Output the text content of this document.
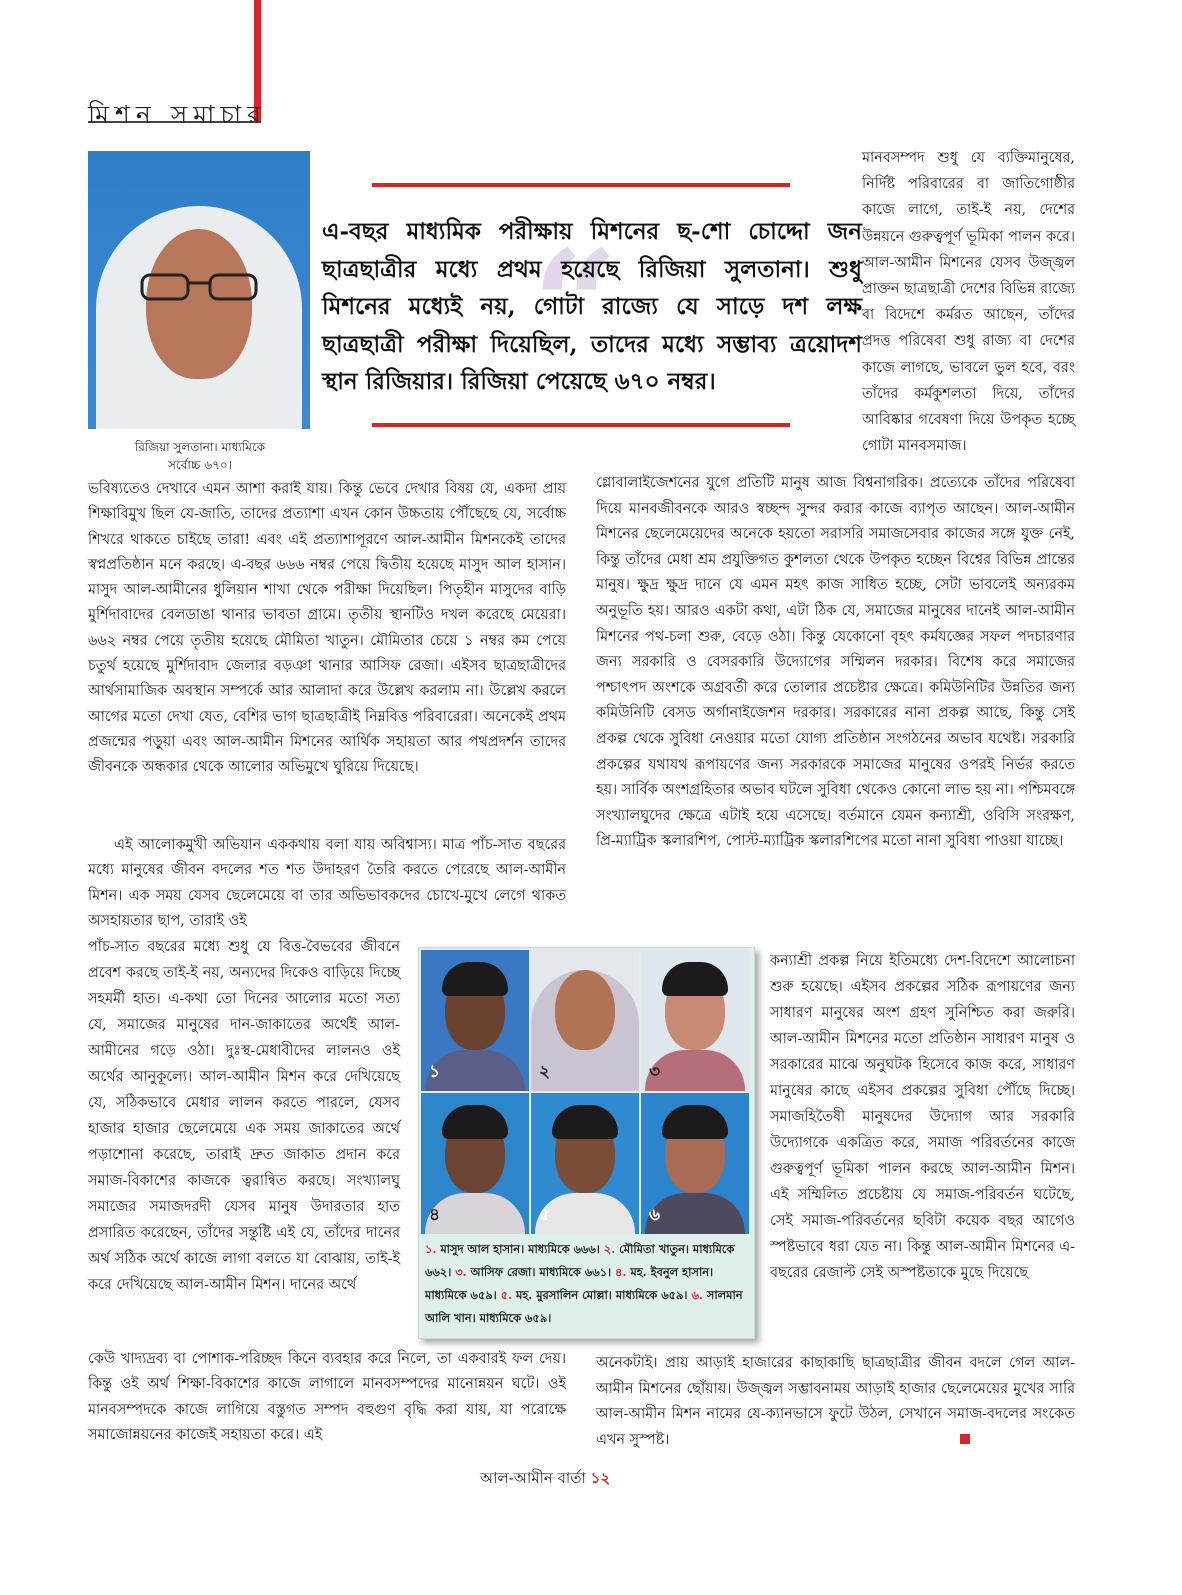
মিশন সমাচার
রিজিয়া সুলতানা। মাধ্যমিকে
সর্বোচ্চ ৬৭০।
“
এ-বছর মাধ্যমিক পরীক্ষায় মিশনের ছ-শো চোদ্দো জন ছাত্রছাত্রীর মধ্যে প্রথম হয়েছে রিজিয়া সুলতানা। শুধু মিশনের মধ্যেই নয়, গোটা রাজ্যে যে সাড়ে দশ লক্ষ ছাত্রছাত্রী পরীক্ষা দিয়েছিল, তাদের মধ্যে সম্ভাব্য ত্রয়োদশ স্থান রিজিয়ার। রিজিয়া পেয়েছে ৬৭০ নম্বর।
মানবসম্পদ শুধু যে ব্যক্তিমানুষের, নির্দিষ্ট পরিবারের বা জাতিগোষ্ঠীর কাজে লাগে, তাই-ই নয়, দেশের উন্নয়নে গুরুত্বপূর্ণ ভূমিকা পালন করে। আল-আমীন মিশনের যেসব উজ্জ্বল প্রাক্তন ছাত্রছাত্রী দেশের বিভিন্ন রাজ্যে বা বিদেশে কর্মরত আছেন, তাঁদের প্রদত্ত পরিষেবা শুধু রাজ্য বা দেশের কাজে লাগছে, ভাবলে ভুল হবে, বরং তাঁদের কর্মকুশলতা দিয়ে, তাঁদের আবিষ্কার গবেষণা দিয়ে উপকৃত হচ্ছে গোটা মানবসমাজ।
ভবিষ্যতেও দেখাবে এমন আশা করাই যায়। কিন্তু ভেবে দেখার বিষয় যে, একদা প্রায় শিক্ষাবিমুখ ছিল যে-জাতি, তাদের প্রত্যাশা এখন কোন উচ্চতায় পৌঁছেছে যে, সর্বোচ্চ শিখরে থাকতে চাইছে তারা! এবং এই প্রত্যাশাপূরণে আল-আমীন মিশনকেই তাদের স্বপ্নপ্রতিষ্ঠান মনে করছে। এ-বছর ৬৬৬ নম্বর পেয়ে দ্বিতীয় হয়েছে মাসুদ আল হাসান। মাসুদ আল-আমীনের ধুলিয়ান শাখা থেকে পরীক্ষা দিয়েছিল। পিতৃহীন মাসুদের বাড়ি মুর্শিদাবাদের বেলডাঙা থানার ভাবতা গ্রামে। তৃতীয় স্থানটিও দখল করেছে মেয়েরা। ৬৬২ নম্বর পেয়ে তৃতীয় হয়েছে মৌমিতা খাতুন। মৌমিতার চেয়ে ১ নম্বর কম পেয়ে চতুর্থ হয়েছে মুর্শিদাবাদ জেলার বড়ঞা থানার আসিফ রেজা। এইসব ছাত্রছাত্রীদের আর্থসামাজিক অবস্থান সম্পর্কে আর আলাদা করে উল্লেখ করলাম না। উল্লেখ করলে আগের মতো দেখা যেত, বেশির ভাগ ছাত্রছাত্রীই নিম্নবিত্ত পরিবারেরা। অনেকেই প্রথম প্রজন্মের পড়ুয়া এবং আল-আমীন মিশনের আর্থিক সহায়তা আর পথপ্রদর্শন তাদের জীবনকে অন্ধকার থেকে আলোর অভিমুখে ঘুরিয়ে দিয়েছে।
এই আলোকমুখী অভিযান এককথায় বলা যায় অবিশ্বাস্য। মাত্র পাঁচ-সাত বছরের মধ্যে মানুষের জীবন বদলের শত শত উদাহরণ তৈরি করতে পেরেছে আল-আমীন মিশন। এক সময় যেসব ছেলেমেয়ে বা তার অভিভাবকদের চোখে-মুখে লেগে থাকত অসহায়তার ছাপ, তারাই ওই
পাঁচ-সাত বছরের মধ্যে শুধু যে বিত্ত-বৈভবের জীবনে প্রবেশ করছে তাই-ই নয়, অন্যদের দিকেও বাড়িয়ে দিচ্ছে সহমর্মী হাত। এ-কথা তো দিনের আলোর মতো সত্য যে, সমাজের মানুষের দান-জাকাতের অর্থেই আল-আমীনের গড়ে ওঠা। দুঃস্থ-মেধাবীদের লালনও ওই অর্থের আনুকূল্যে। আল-আমীন মিশন করে দেখিয়েছে যে, সঠিকভাবে মেধার লালন করতে পারলে, যেসব হাজার হাজার ছেলেমেয়ে এক সময় জাকাতের অর্থে পড়াশোনা করেছে, তারাই দ্রুত জাকাত প্রদান করে সমাজ-বিকাশের কাজকে ত্বরান্বিত করছে। সংখ্যালঘু সমাজের সমাজদরদী যেসব মানুষ উদারতার হাত প্রসারিত করেছেন, তাঁদের সন্তুষ্টি এই যে, তাঁদের দানের অর্থ সঠিক অর্থে কাজে লাগা বলতে যা বোঝায়, তাই-ই করে দেখিয়েছে আল-আমীন মিশন। দানের অর্থে
কেউ খাদ্যদ্রব্য বা পোশাক-পরিচ্ছদ কিনে ব্যবহার করে নিলে, তা একবারই ফল দেয়। কিন্তু ওই অর্থ শিক্ষা-বিকাশের কাজে লাগালে মানবসম্পদের মানোন্নয়ন ঘটে। ওই মানবসম্পদকে কাজে লাগিয়ে বস্তুগত সম্পদ বহুগুণ বৃদ্ধি করা যায়, যা পরোক্ষে সমাজোন্নয়নের কাজেই সহায়তা করে। এই
গ্লোবালাইজেশনের যুগে প্রতিটি মানুষ আজ বিশ্বনাগরিক। প্রত্যেকে তাঁদের পরিষেবা দিয়ে মানবজীবনকে আরও স্বচ্ছন্দ সুন্দর করার কাজে ব্যাপৃত আছেন। আল-আমীন মিশনের ছেলেমেয়েদের অনেকে হয়তো সরাসরি সমাজসেবার কাজের সঙ্গে যুক্ত নেই, কিন্তু তাঁদের মেধা শ্রম প্রযুক্তিগত কুশলতা থেকে উপকৃত হচ্ছেন বিশ্বের বিভিন্ন প্রান্তের মানুষ। ক্ষুদ্র ক্ষুদ্র দানে যে এমন মহৎ কাজ সাধিত হচ্ছে, সেটা ভাবলেই অন্যরকম অনুভূতি হয়। আরও একটা কথা, এটা ঠিক যে, সমাজের মানুষের দানেই আল-আমীন মিশনের পথ-চলা শুরু, বেড়ে ওঠা। কিন্তু যেকোনো বৃহৎ কর্মযজ্ঞের সফল পদচারণার জন্য সরকারি ও বেসরকারি উদ্যোগের সম্মিলন দরকার। বিশেষ করে সমাজের পশ্চাৎপদ অংশকে অগ্রবর্তী করে তোলার প্রচেষ্টার ক্ষেত্রে। কমিউনিটির উন্নতির জন্য কমিউনিটি বেসড অর্গানাইজেশন দরকার। সরকারের নানা প্রকল্প আছে, কিন্তু সেই প্রকল্প থেকে সুবিধা নেওয়ার মতো যোগ্য প্রতিষ্ঠান সংগঠনের অভাব যথেষ্ট। সরকারি প্রকল্পের যথাযথ রূপায়ণের জন্য সরকারকে সমাজের মানুষের ওপরই নির্ভর করতে হয়। সার্বিক অংশগ্রহিতার অভাব ঘটলে সুবিধা থেকেও কোনো লাভ হয় না। পশ্চিমবঙ্গে সংখ্যালঘুদের ক্ষেত্রে এটাই হয়ে এসেছে। বর্তমানে যেমন কন্যাশ্রী, ওবিসি সংরক্ষণ, প্রি-ম্যাট্রিক স্কলারশিপ, পোস্ট-ম্যাট্রিক স্কলারশিপের মতো নানা সুবিধা পাওয়া যাচ্ছে।
কন্যাশ্রী প্রকল্প নিয়ে ইতিমধ্যে দেশ-বিদেশে আলোচনা শুরু হয়েছে। এইসব প্রকল্পের সঠিক রূপায়ণের জন্য সাধারণ মানুষের অংশ গ্রহণ সুনিশ্চিত করা জরুরি। আল-আমীন মিশনের মতো প্রতিষ্ঠান সাধারণ মানুষ ও সরকারের মাঝে অনুঘটক হিসেবে কাজ করে, সাধারণ মানুষের কাছে এইসব প্রকল্পের সুবিধা পৌঁছে দিচ্ছে। সমাজহিতৈষী মানুষদের উদ্যোগ আর সরকারি উদ্যোগকে একত্রিত করে, সমাজ পরিবর্তনের কাজে গুরুত্বপূর্ণ ভূমিকা পালন করছে আল-আমীন মিশন। এই সম্মিলিত প্রচেষ্টায় যে সমাজ-পরিবর্তন ঘটেছে, সেই সমাজ-পরিবর্তনের ছবিটা কয়েক বছর আগেও স্পষ্টভাবে ধরা যেত না। কিন্তু আল-আমীন মিশনের এ-বছরের রেজাল্ট সেই অস্পষ্টতাকে মুছে দিয়েছে
অনেকটাই। প্রায় আড়াই হাজারের কাছাকাছি ছাত্রছাত্রীর জীবন বদলে গেল আল-আমীন মিশনের ছোঁয়ায়। উজ্জ্বল সম্ভাবনাময় আড়াই হাজার ছেলেমেয়ের মুখের সারি আল-আমীন মিশন নামের যে-ক্যানভাসে ফুটে উঠল, সেখানে সমাজ-বদলের সংকেত এখন সুস্পষ্ট।
১	২	৩
৪	৫	৬
১. মাসুদ আল হাসান। মাধ্যমিকে ৬৬৬। ২. মৌমিতা খাতুন। মাধ্যমিকে ৬৬২। ৩. আসিফ রেজা। মাধ্যমিকে ৬৬১। ৪. মহ. ইবনুল হাসান। মাধ্যমিকে ৬৫৯। ৫. মহ. মুরসালিন মোল্লা। মাধ্যমিকে ৬৫৯। ৬. সালমান আলি খান। মাধ্যমিকে ৬৫৯।
আল-আমীন বার্তা ১২
